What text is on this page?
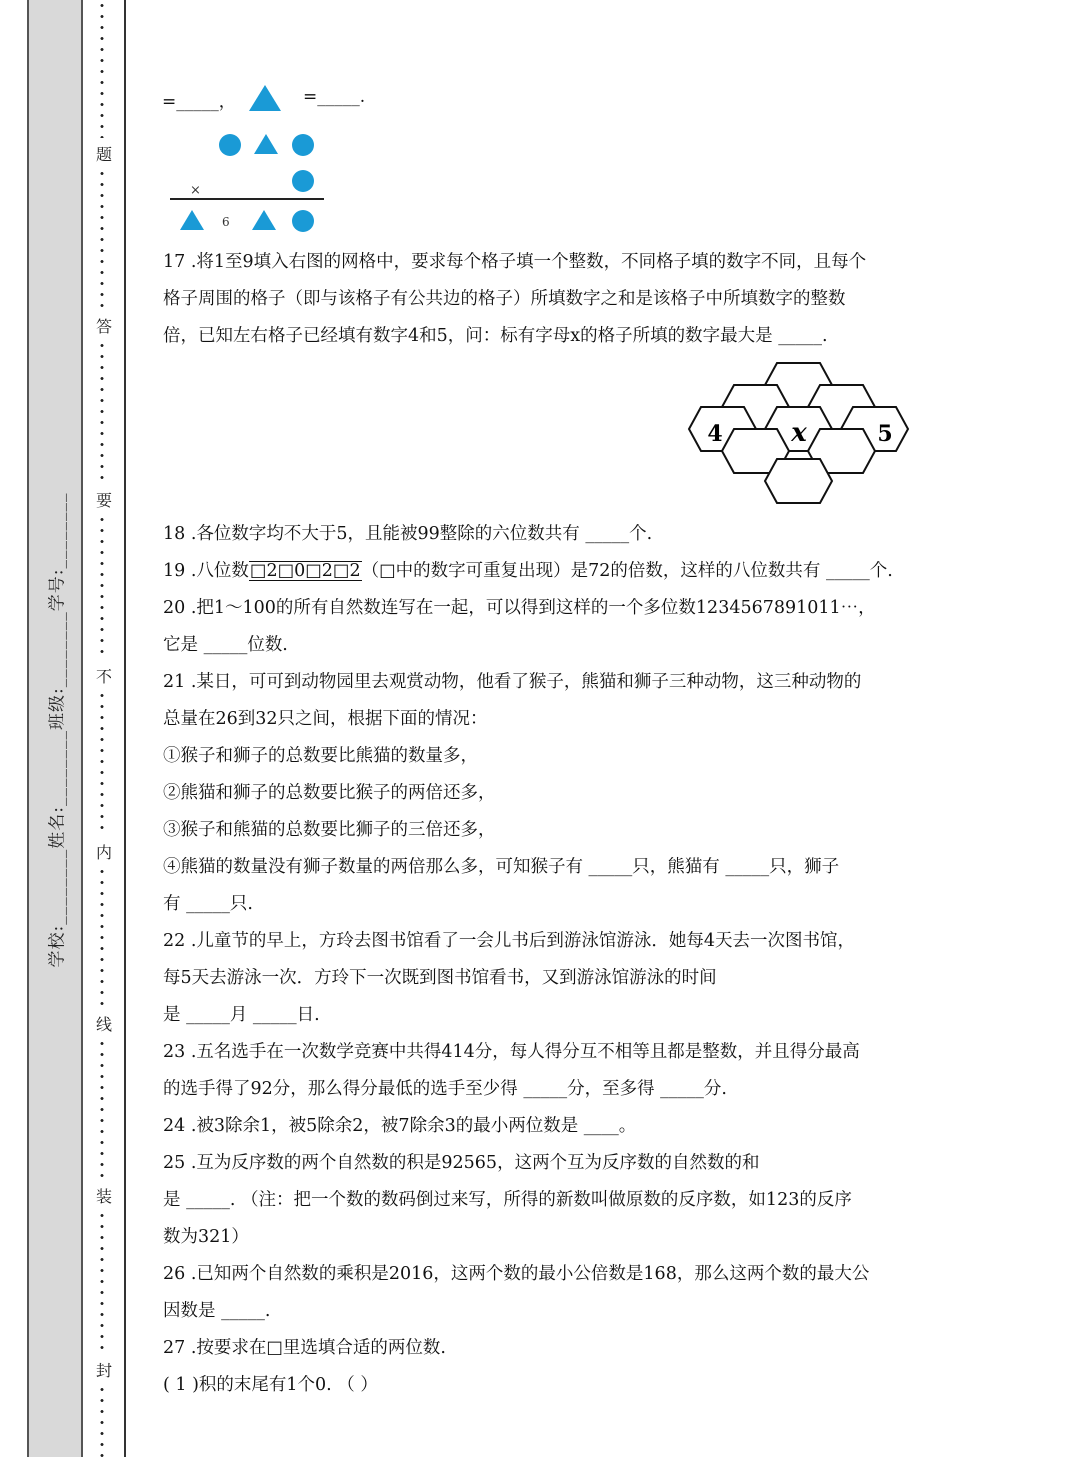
学校:________姓名:________班级:________学号:________
题
答
要
不
内
线
装
封
=_____，	=_____.
×
6
17 .将1至9填入右图的网格中，要求每个格子填一个整数，不同格子填的数字不同，且每个
格子周围的格子（即与该格子有公共边的格子）所填数字之和是该格子中所填数字的整数
倍，已知左右格子已经填有数字4和5，问：标有字母x的格子所填的数字最大是 _____.
18 .各位数字均不大于5，且能被99整除的六位数共有 _____个.
19 .八位数□2□0□2□2（□中的数字可重复出现）是72的倍数，这样的八位数共有 _____个.
20 .把1～100的所有自然数连写在一起，可以得到这样的一个多位数1234567891011⋯，
它是 _____位数.
21 .某日，可可到动物园里去观赏动物，他看了猴子，熊猫和狮子三种动物，这三种动物的
总量在26到32只之间，根据下面的情况：
①猴子和狮子的总数要比熊猫的数量多，
②熊猫和狮子的总数要比猴子的两倍还多，
③猴子和熊猫的总数要比狮子的三倍还多，
④熊猫的数量没有狮子数量的两倍那么多，可知猴子有 _____只，熊猫有 _____只，狮子
有 _____只.
22 .儿童节的早上，方玲去图书馆看了一会儿书后到游泳馆游泳．她每4天去一次图书馆，
每5天去游泳一次．方玲下一次既到图书馆看书，又到游泳馆游泳的时间
是 _____月 _____日.
23 .五名选手在一次数学竞赛中共得414分，每人得分互不相等且都是整数，并且得分最高
的选手得了92分，那么得分最低的选手至少得 _____分，至多得 _____分.
24 .被3除余1，被5除余2，被7除余3的最小两位数是 ____。
25 .互为反序数的两个自然数的积是92565，这两个互为反序数的自然数的和
是 _____. （注：把一个数的数码倒过来写，所得的新数叫做原数的反序数，如123的反序
数为321）
26 .已知两个自然数的乘积是2016，这两个数的最小公倍数是168，那么这两个数的最大公
因数是 _____.
27 .按要求在□里选填合适的两位数.
( 1 )积的末尾有1个0. （ ）
4	x	5
